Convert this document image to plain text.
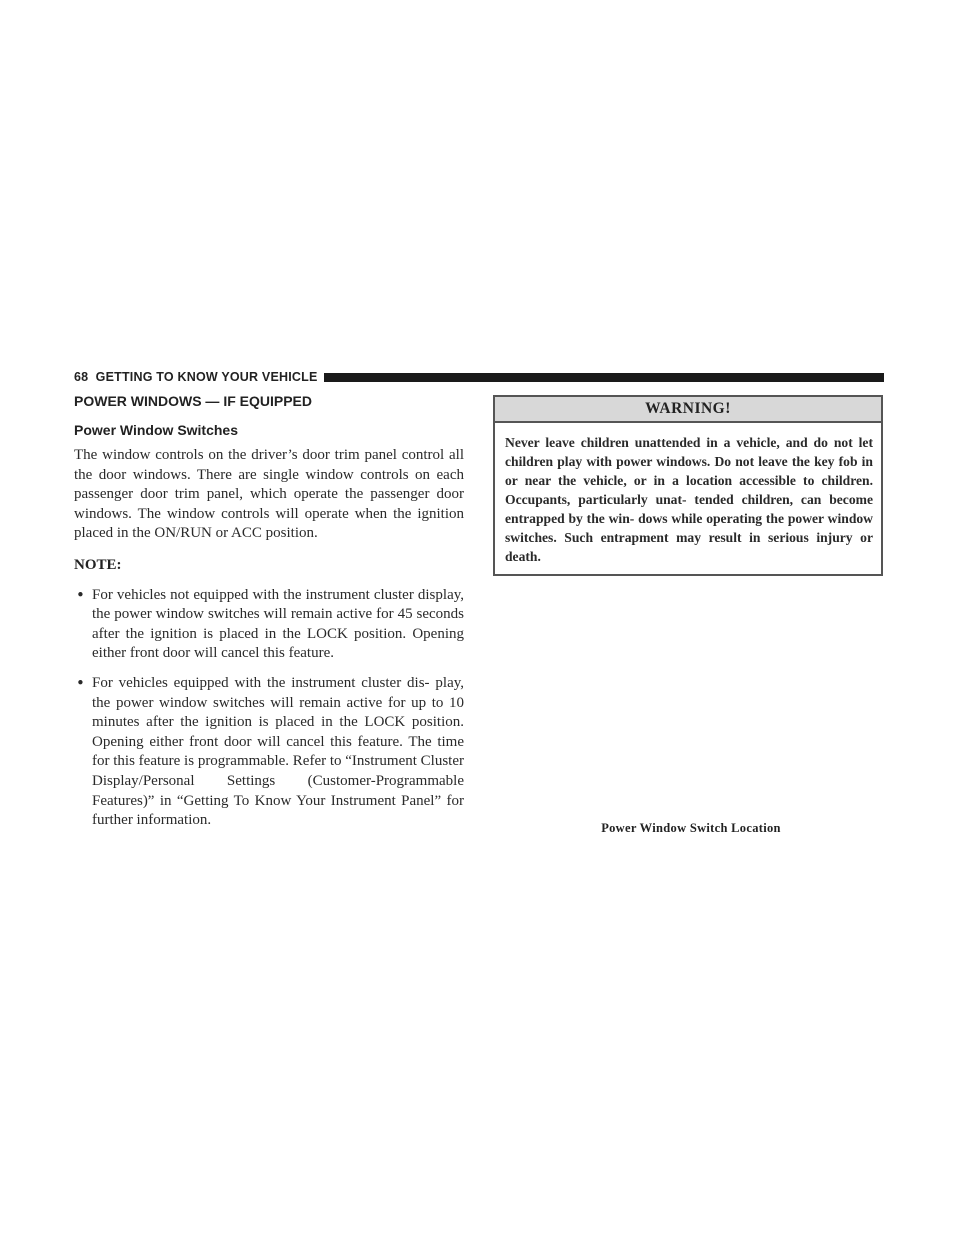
68 GETTING TO KNOW YOUR VEHICLE
POWER WINDOWS — IF EQUIPPED
Power Window Switches

The window controls on the driver’s door trim panel control all the door windows. There are single window controls on each passenger door trim panel, which operate the passenger door windows. The window controls will operate when the ignition placed in the ON/RUN or ACC position.

NOTE:
• For vehicles not equipped with the instrument cluster display, the power window switches will remain active for 45 seconds after the ignition is placed in the LOCK position. Opening either front door will cancel this feature.
• For vehicles equipped with the instrument cluster dis- play, the power window switches will remain active for up to 10 minutes after the ignition is placed in the LOCK position. Opening either front door will cancel this feature. The time for this feature is programmable. Refer to “Instrument Cluster Display/Personal Settings (Customer-Programmable Features)” in “Getting To Know Your Instrument Panel” for further information.
WARNING!
Never leave children unattended in a vehicle, and do not let children play with power windows. Do not leave the key fob in or near the vehicle, or in a location accessible to children. Occupants, particularly unat- tended children, can become entrapped by the win- dows while operating the power window switches. Such entrapment may result in serious injury or death.
Power Window Switch Location
